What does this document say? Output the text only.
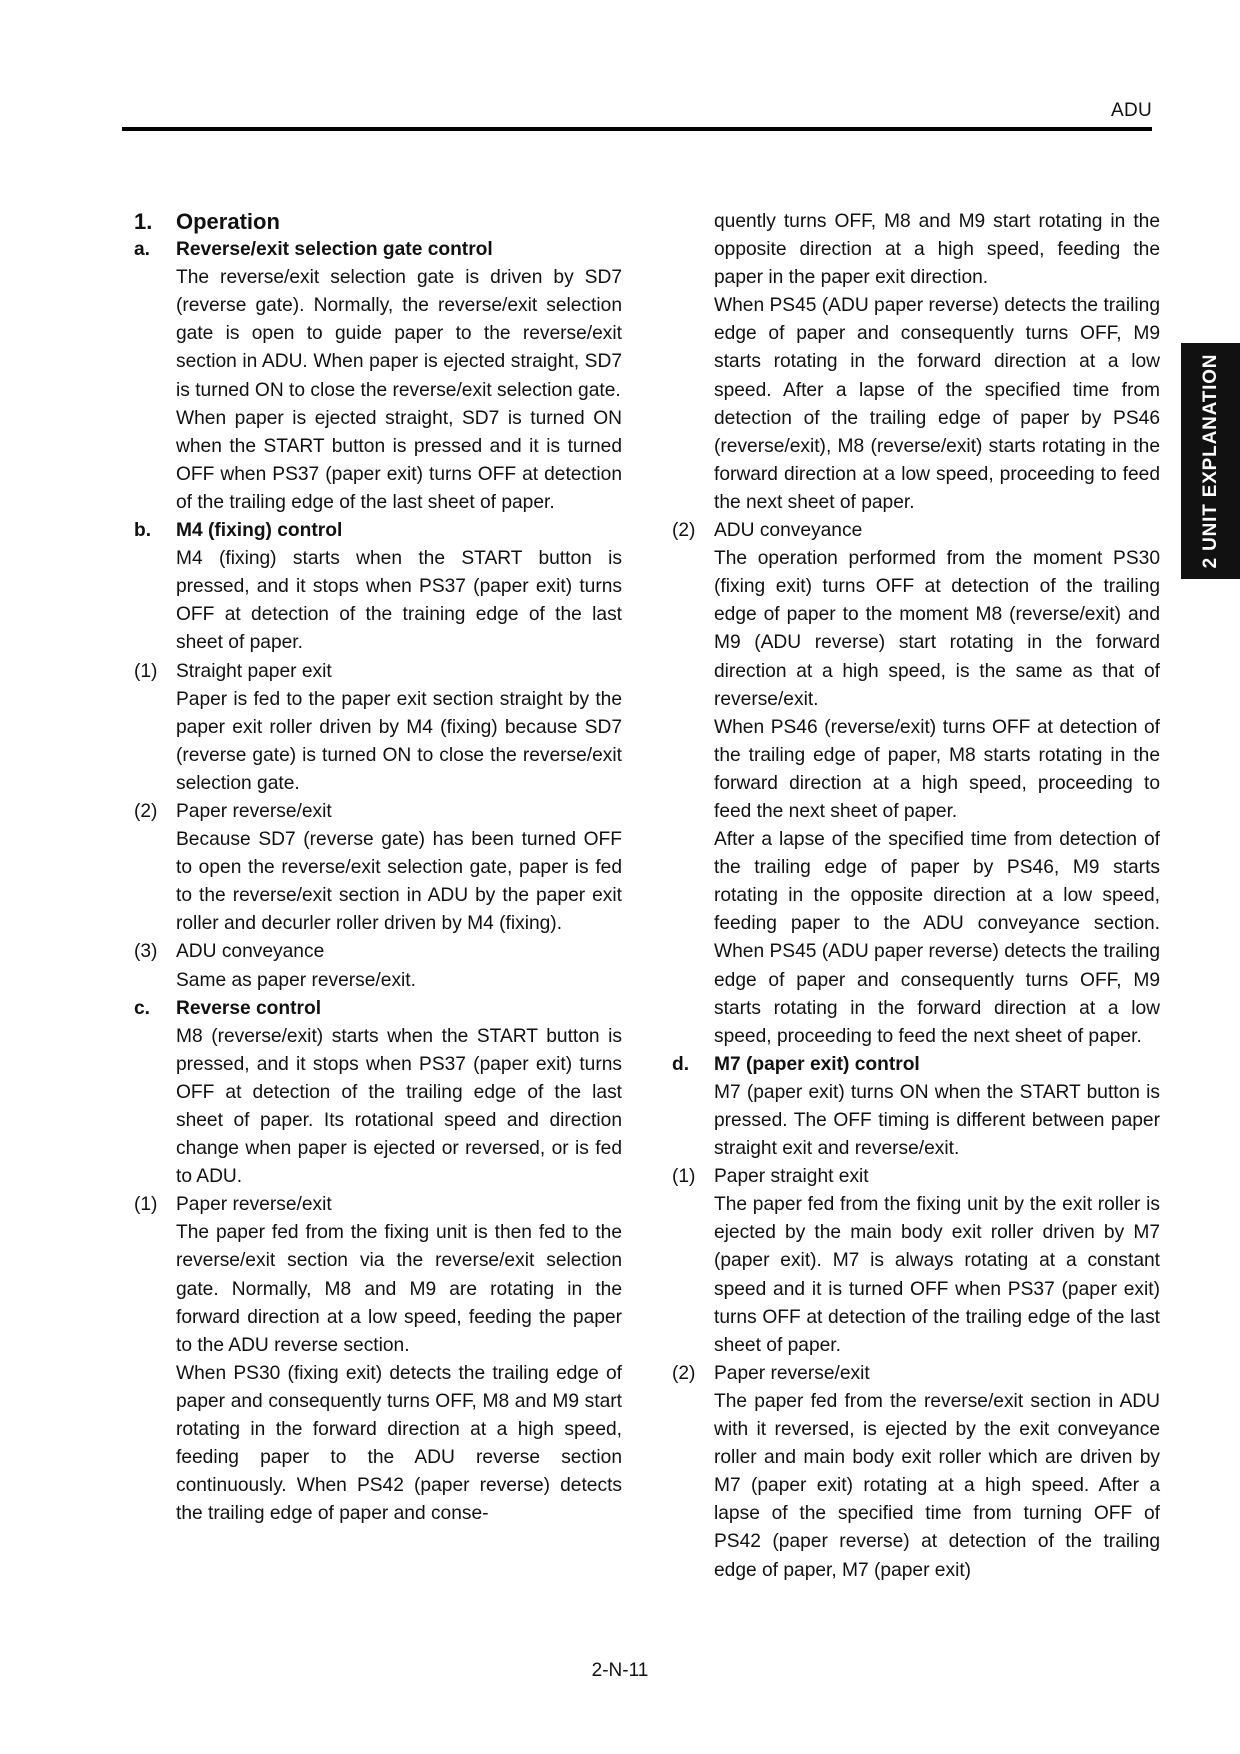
ADU
2 UNIT EXPLANATION
1.	Operation
a.	Reverse/exit selection gate control
The reverse/exit selection gate is driven by SD7 (reverse gate). Normally, the reverse/exit selection gate is open to guide paper to the reverse/exit section in ADU. When paper is ejected straight, SD7 is turned ON to close the reverse/exit selection gate.
When paper is ejected straight, SD7 is turned ON when the START button is pressed and it is turned OFF when PS37 (paper exit) turns OFF at detection of the trailing edge of the last sheet of paper.
b.	M4 (fixing) control
M4 (fixing) starts when the START button is pressed, and it stops when PS37 (paper exit) turns OFF at detection of the training edge of the last sheet of paper.
(1) Straight paper exit
Paper is fed to the paper exit section straight by the paper exit roller driven by M4 (fixing) because SD7 (reverse gate) is turned ON to close the reverse/exit selection gate.
(2) Paper reverse/exit
Because SD7 (reverse gate) has been turned OFF to open the reverse/exit selection gate, paper is fed to the reverse/exit section in ADU by the paper exit roller and decurler roller driven by M4 (fixing).
(3) ADU conveyance
Same as paper reverse/exit.
c.	Reverse control
M8 (reverse/exit) starts when the START button is pressed, and it stops when PS37 (paper exit) turns OFF at detection of the trailing edge of the last sheet of paper. Its rotational speed and direction change when paper is ejected or reversed, or is fed to ADU.
(1) Paper reverse/exit
The paper fed from the fixing unit is then fed to the reverse/exit section via the reverse/exit selection gate. Normally, M8 and M9 are rotating in the forward direction at a low speed, feeding the paper to the ADU reverse section.
When PS30 (fixing exit) detects the trailing edge of paper and consequently turns OFF, M8 and M9 start rotating in the forward direction at a high speed, feeding paper to the ADU reverse section continuously. When PS42 (paper reverse) detects the trailing edge of paper and conse-
quently turns OFF, M8 and M9 start rotating in the opposite direction at a high speed, feeding the paper in the paper exit direction.
When PS45 (ADU paper reverse) detects the trailing edge of paper and consequently turns OFF, M9 starts rotating in the forward direction at a low speed. After a lapse of the specified time from detection of the trailing edge of paper by PS46 (reverse/exit), M8 (reverse/exit) starts rotating in the forward direction at a low speed, proceeding to feed the next sheet of paper.
(2) ADU conveyance
The operation performed from the moment PS30 (fixing exit) turns OFF at detection of the trailing edge of paper to the moment M8 (reverse/exit) and M9 (ADU reverse) start rotating in the forward direction at a high speed, is the same as that of reverse/exit.
When PS46 (reverse/exit) turns OFF at detection of the trailing edge of paper, M8 starts rotating in the forward direction at a high speed, proceeding to feed the next sheet of paper.
After a lapse of the specified time from detection of the trailing edge of paper by PS46, M9 starts rotating in the opposite direction at a low speed, feeding paper to the ADU conveyance section. When PS45 (ADU paper reverse) detects the trailing edge of paper and consequently turns OFF, M9 starts rotating in the forward direction at a low speed, proceeding to feed the next sheet of paper.
d.	M7 (paper exit) control
M7 (paper exit) turns ON when the START button is pressed. The OFF timing is different between paper straight exit and reverse/exit.
(1) Paper straight exit
The paper fed from the fixing unit by the exit roller is ejected by the main body exit roller driven by M7 (paper exit). M7 is always rotating at a constant speed and it is turned OFF when PS37 (paper exit) turns OFF at detection of the trailing edge of the last sheet of paper.
(2) Paper reverse/exit
The paper fed from the reverse/exit section in ADU with it reversed, is ejected by the exit conveyance roller and main body exit roller which are driven by M7 (paper exit) rotating at a high speed. After a lapse of the specified time from turning OFF of PS42 (paper reverse) at detection of the trailing edge of paper, M7 (paper exit)
2-N-11
